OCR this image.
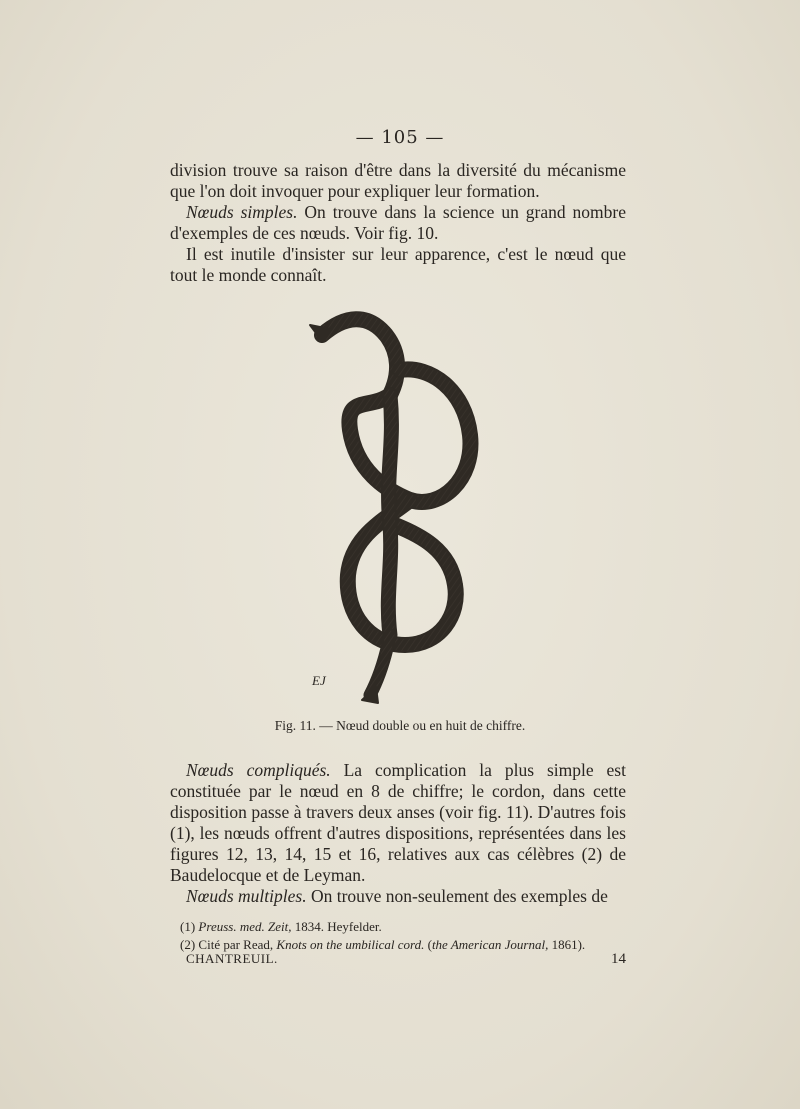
— 105 —

division trouve sa raison d'être dans la diversité du mécanisme que l'on doit invoquer pour expliquer leur formation.

Nœuds simples. On trouve dans la science un grand nombre d'exemples de ces nœuds. Voir fig. 10.

Il est inutile d'insister sur leur apparence, c'est le nœud que tout le monde connaît.

EJ
Fig. 11. — Nœud double ou en huit de chiffre.

Nœuds compliqués. La complication la plus simple est constituée par le nœud en 8 de chiffre; le cordon, dans cette disposition passe à travers deux anses (voir fig. 11). D'autres fois (1), les nœuds offrent d'autres dispositions, représentées dans les figures 12, 13, 14, 15 et 16, relatives aux cas célèbres (2) de Baudelocque et de Leyman.

Nœuds multiples. On trouve non-seulement des exemples de

(1) Preuss. med. Zeit, 1834. Heyfelder.
(2) Cité par Read, Knots on the umbilical cord. (the American Journal, 1861).
CHANTREUIL.	14
